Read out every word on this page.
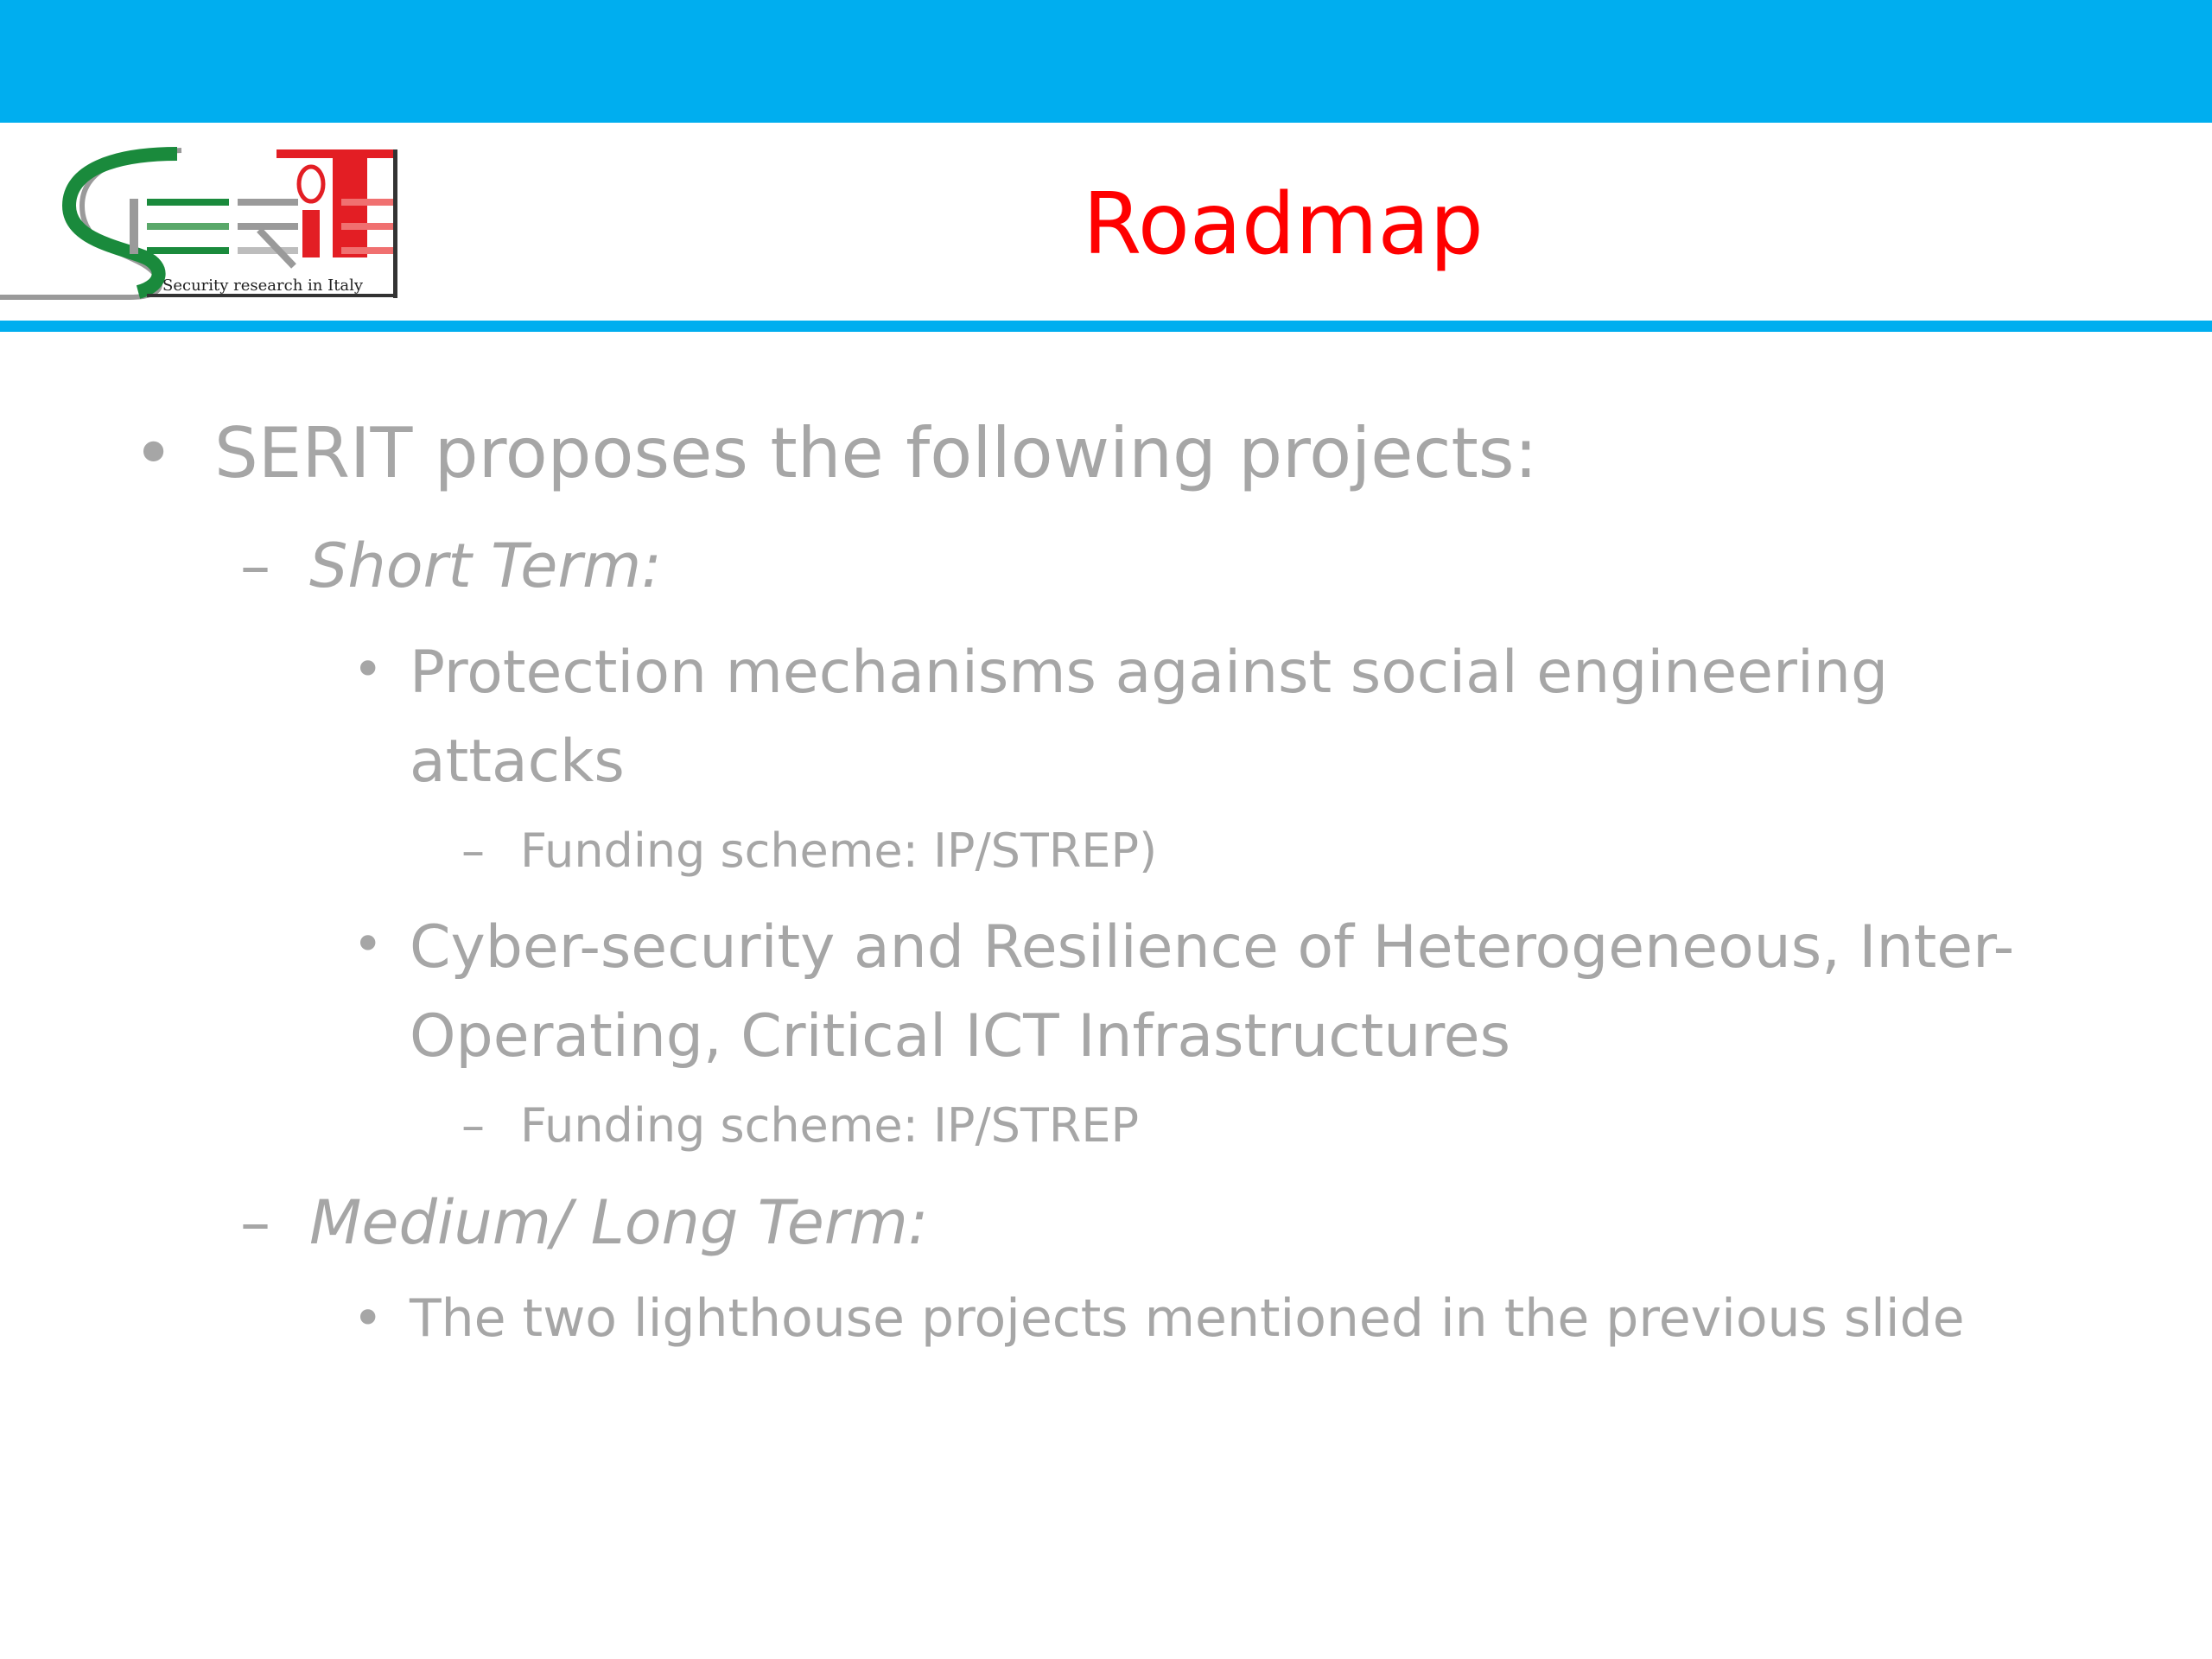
Security research in Italy
Roadmap
• SERIT proposes the following projects:
– Short Term:
• Protection mechanisms against social engineering attacks
– Funding scheme: IP/STREP)
• Cyber-security and Resilience of Heterogeneous, Inter-Operating, Critical ICT Infrastructures
– Funding scheme: IP/STREP
– Medium/ Long Term:
• The two lighthouse projects mentioned in the previous slide
